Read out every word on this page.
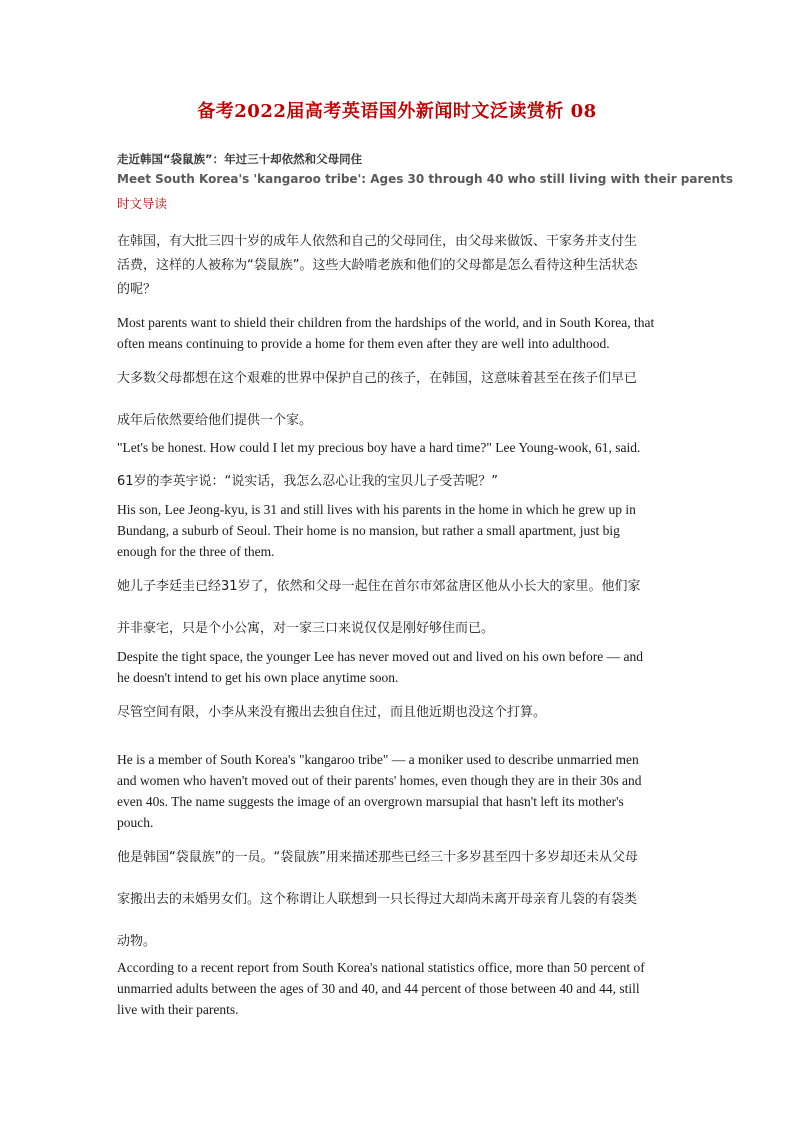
备考2022届高考英语国外新闻时文泛读赏析 08
走近韩国“袋鼠族”：年过三十却依然和父母同住
Meet South Korea's 'kangaroo tribe': Ages 30 through 40 who still living with their parents
时文导读
在韩国，有大批三四十岁的成年人依然和自己的父母同住，由父母来做饭、干家务并支付生
活费，这样的人被称为“袋鼠族”。这些大龄啃老族和他们的父母都是怎么看待这种生活状态
的呢？
Most parents want to shield their children from the hardships of the world, and in South Korea, that
often means continuing to provide a home for them even after they are well into adulthood.
大多数父母都想在这个艰难的世界中保护自己的孩子，在韩国，这意味着甚至在孩子们早已
成年后依然要给他们提供一个家。
"Let's be honest. How could I let my precious boy have a hard time?" Lee Young-wook, 61, said.
61岁的李英宇说：“说实话，我怎么忍心让我的宝贝儿子受苦呢？”
His son, Lee Jeong-kyu, is 31 and still lives with his parents in the home in which he grew up in
Bundang, a suburb of Seoul. Their home is no mansion, but rather a small apartment, just big
enough for the three of them.
她儿子李廷圭已经31岁了，依然和父母一起住在首尔市郊盆唐区他从小长大的家里。他们家
并非豪宅，只是个小公寓，对一家三口来说仅仅是刚好够住而已。
Despite the tight space, the younger Lee has never moved out and lived on his own before — and
he doesn't intend to get his own place anytime soon.
尽管空间有限，小李从来没有搬出去独自住过，而且他近期也没这个打算。
He is a member of South Korea's "kangaroo tribe" — a moniker used to describe unmarried men
and women who haven't moved out of their parents' homes, even though they are in their 30s and
even 40s. The name suggests the image of an overgrown marsupial that hasn't left its mother's
pouch.
他是韩国“袋鼠族”的一员。“袋鼠族”用来描述那些已经三十多岁甚至四十多岁却还未从父母
家搬出去的未婚男女们。这个称谓让人联想到一只长得过大却尚未离开母亲育儿袋的有袋类
动物。
According to a recent report from South Korea's national statistics office, more than 50 percent of
unmarried adults between the ages of 30 and 40, and 44 percent of those between 40 and 44, still
live with their parents.
